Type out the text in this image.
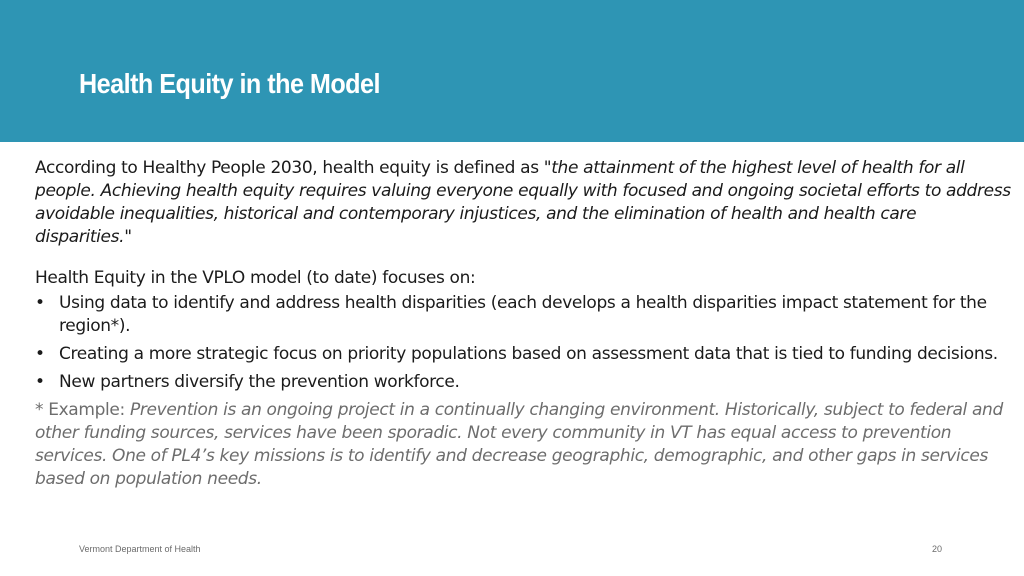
Health Equity in the Model

According to Healthy People 2030, health equity is defined as "the attainment of the highest level of health for all people. Achieving health equity requires valuing everyone equally with focused and ongoing societal efforts to address avoidable inequalities, historical and contemporary injustices, and the elimination of health and health care disparities."

Health Equity in the VPLO model (to date) focuses on:
• Using data to identify and address health disparities (each develops a health disparities impact statement for the region*).
• Creating a more strategic focus on priority populations based on assessment data that is tied to funding decisions.
• New partners diversify the prevention workforce.

* Example: Prevention is an ongoing project in a continually changing environment. Historically, subject to federal and other funding sources, services have been sporadic. Not every community in VT has equal access to prevention services. One of PL4’s key missions is to identify and decrease geographic, demographic, and other gaps in services based on population needs.

Vermont Department of Health	20
